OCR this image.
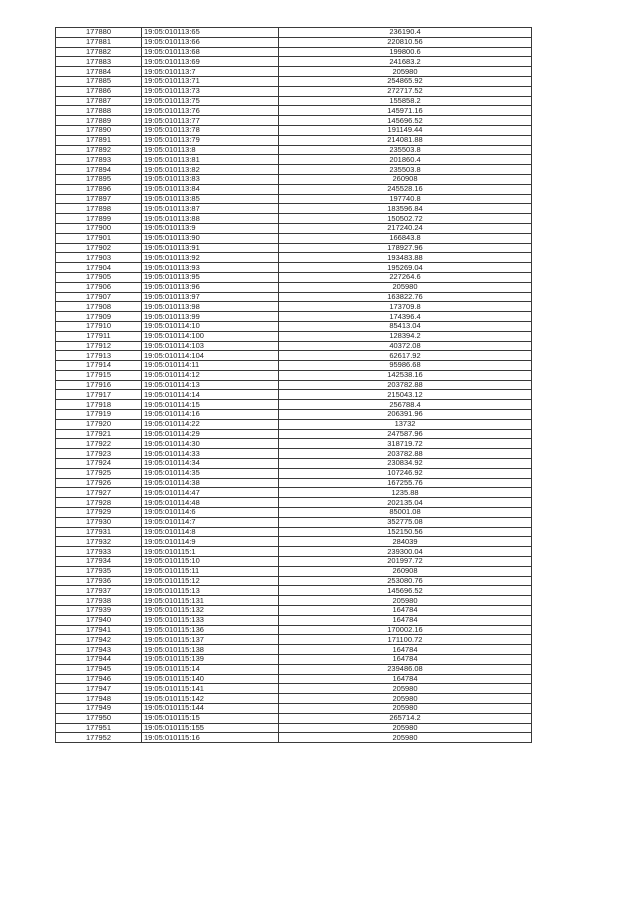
177880	19:05:010113:65	236190.4
177881	19:05:010113:66	220810.56
177882	19:05:010113:68	199800.6
177883	19:05:010113:69	241683.2
177884	19:05:010113:7	205980
177885	19:05:010113:71	254865.92
177886	19:05:010113:73	272717.52
177887	19:05:010113:75	155858.2
177888	19:05:010113:76	145971.16
177889	19:05:010113:77	145696.52
177890	19:05:010113:78	191149.44
177891	19:05:010113:79	214081.88
177892	19:05:010113:8	235503.8
177893	19:05:010113:81	201860.4
177894	19:05:010113:82	235503.8
177895	19:05:010113:83	260908
177896	19:05:010113:84	245528.16
177897	19:05:010113:85	197740.8
177898	19:05:010113:87	183596.84
177899	19:05:010113:88	150502.72
177900	19:05:010113:9	217240.24
177901	19:05:010113:90	166843.8
177902	19:05:010113:91	178927.96
177903	19:05:010113:92	193483.88
177904	19:05:010113:93	195269.04
177905	19:05:010113:95	227264.6
177906	19:05:010113:96	205980
177907	19:05:010113:97	163822.76
177908	19:05:010113:98	173709.8
177909	19:05:010113:99	174396.4
177910	19:05:010114:10	85413.04
177911	19:05:010114:100	128394.2
177912	19:05:010114:103	40372.08
177913	19:05:010114:104	62617.92
177914	19:05:010114:11	95986.68
177915	19:05:010114:12	142538.16
177916	19:05:010114:13	203782.88
177917	19:05:010114:14	215043.12
177918	19:05:010114:15	256788.4
177919	19:05:010114:16	206391.96
177920	19:05:010114:22	13732
177921	19:05:010114:29	247587.96
177922	19:05:010114:30	318719.72
177923	19:05:010114:33	203782.88
177924	19:05:010114:34	230834.92
177925	19:05:010114:35	107246.92
177926	19:05:010114:38	167255.76
177927	19:05:010114:47	1235.88
177928	19:05:010114:48	202135.04
177929	19:05:010114:6	85001.08
177930	19:05:010114:7	352775.08
177931	19:05:010114:8	152150.56
177932	19:05:010114:9	284039
177933	19:05:010115:1	239300.04
177934	19:05:010115:10	201997.72
177935	19:05:010115:11	260908
177936	19:05:010115:12	253080.76
177937	19:05:010115:13	145696.52
177938	19:05:010115:131	205980
177939	19:05:010115:132	164784
177940	19:05:010115:133	164784
177941	19:05:010115:136	170002.16
177942	19:05:010115:137	171100.72
177943	19:05:010115:138	164784
177944	19:05:010115:139	164784
177945	19:05:010115:14	239486.08
177946	19:05:010115:140	164784
177947	19:05:010115:141	205980
177948	19:05:010115:142	205980
177949	19:05:010115:144	205980
177950	19:05:010115:15	265714.2
177951	19:05:010115:155	205980
177952	19:05:010115:16	205980
